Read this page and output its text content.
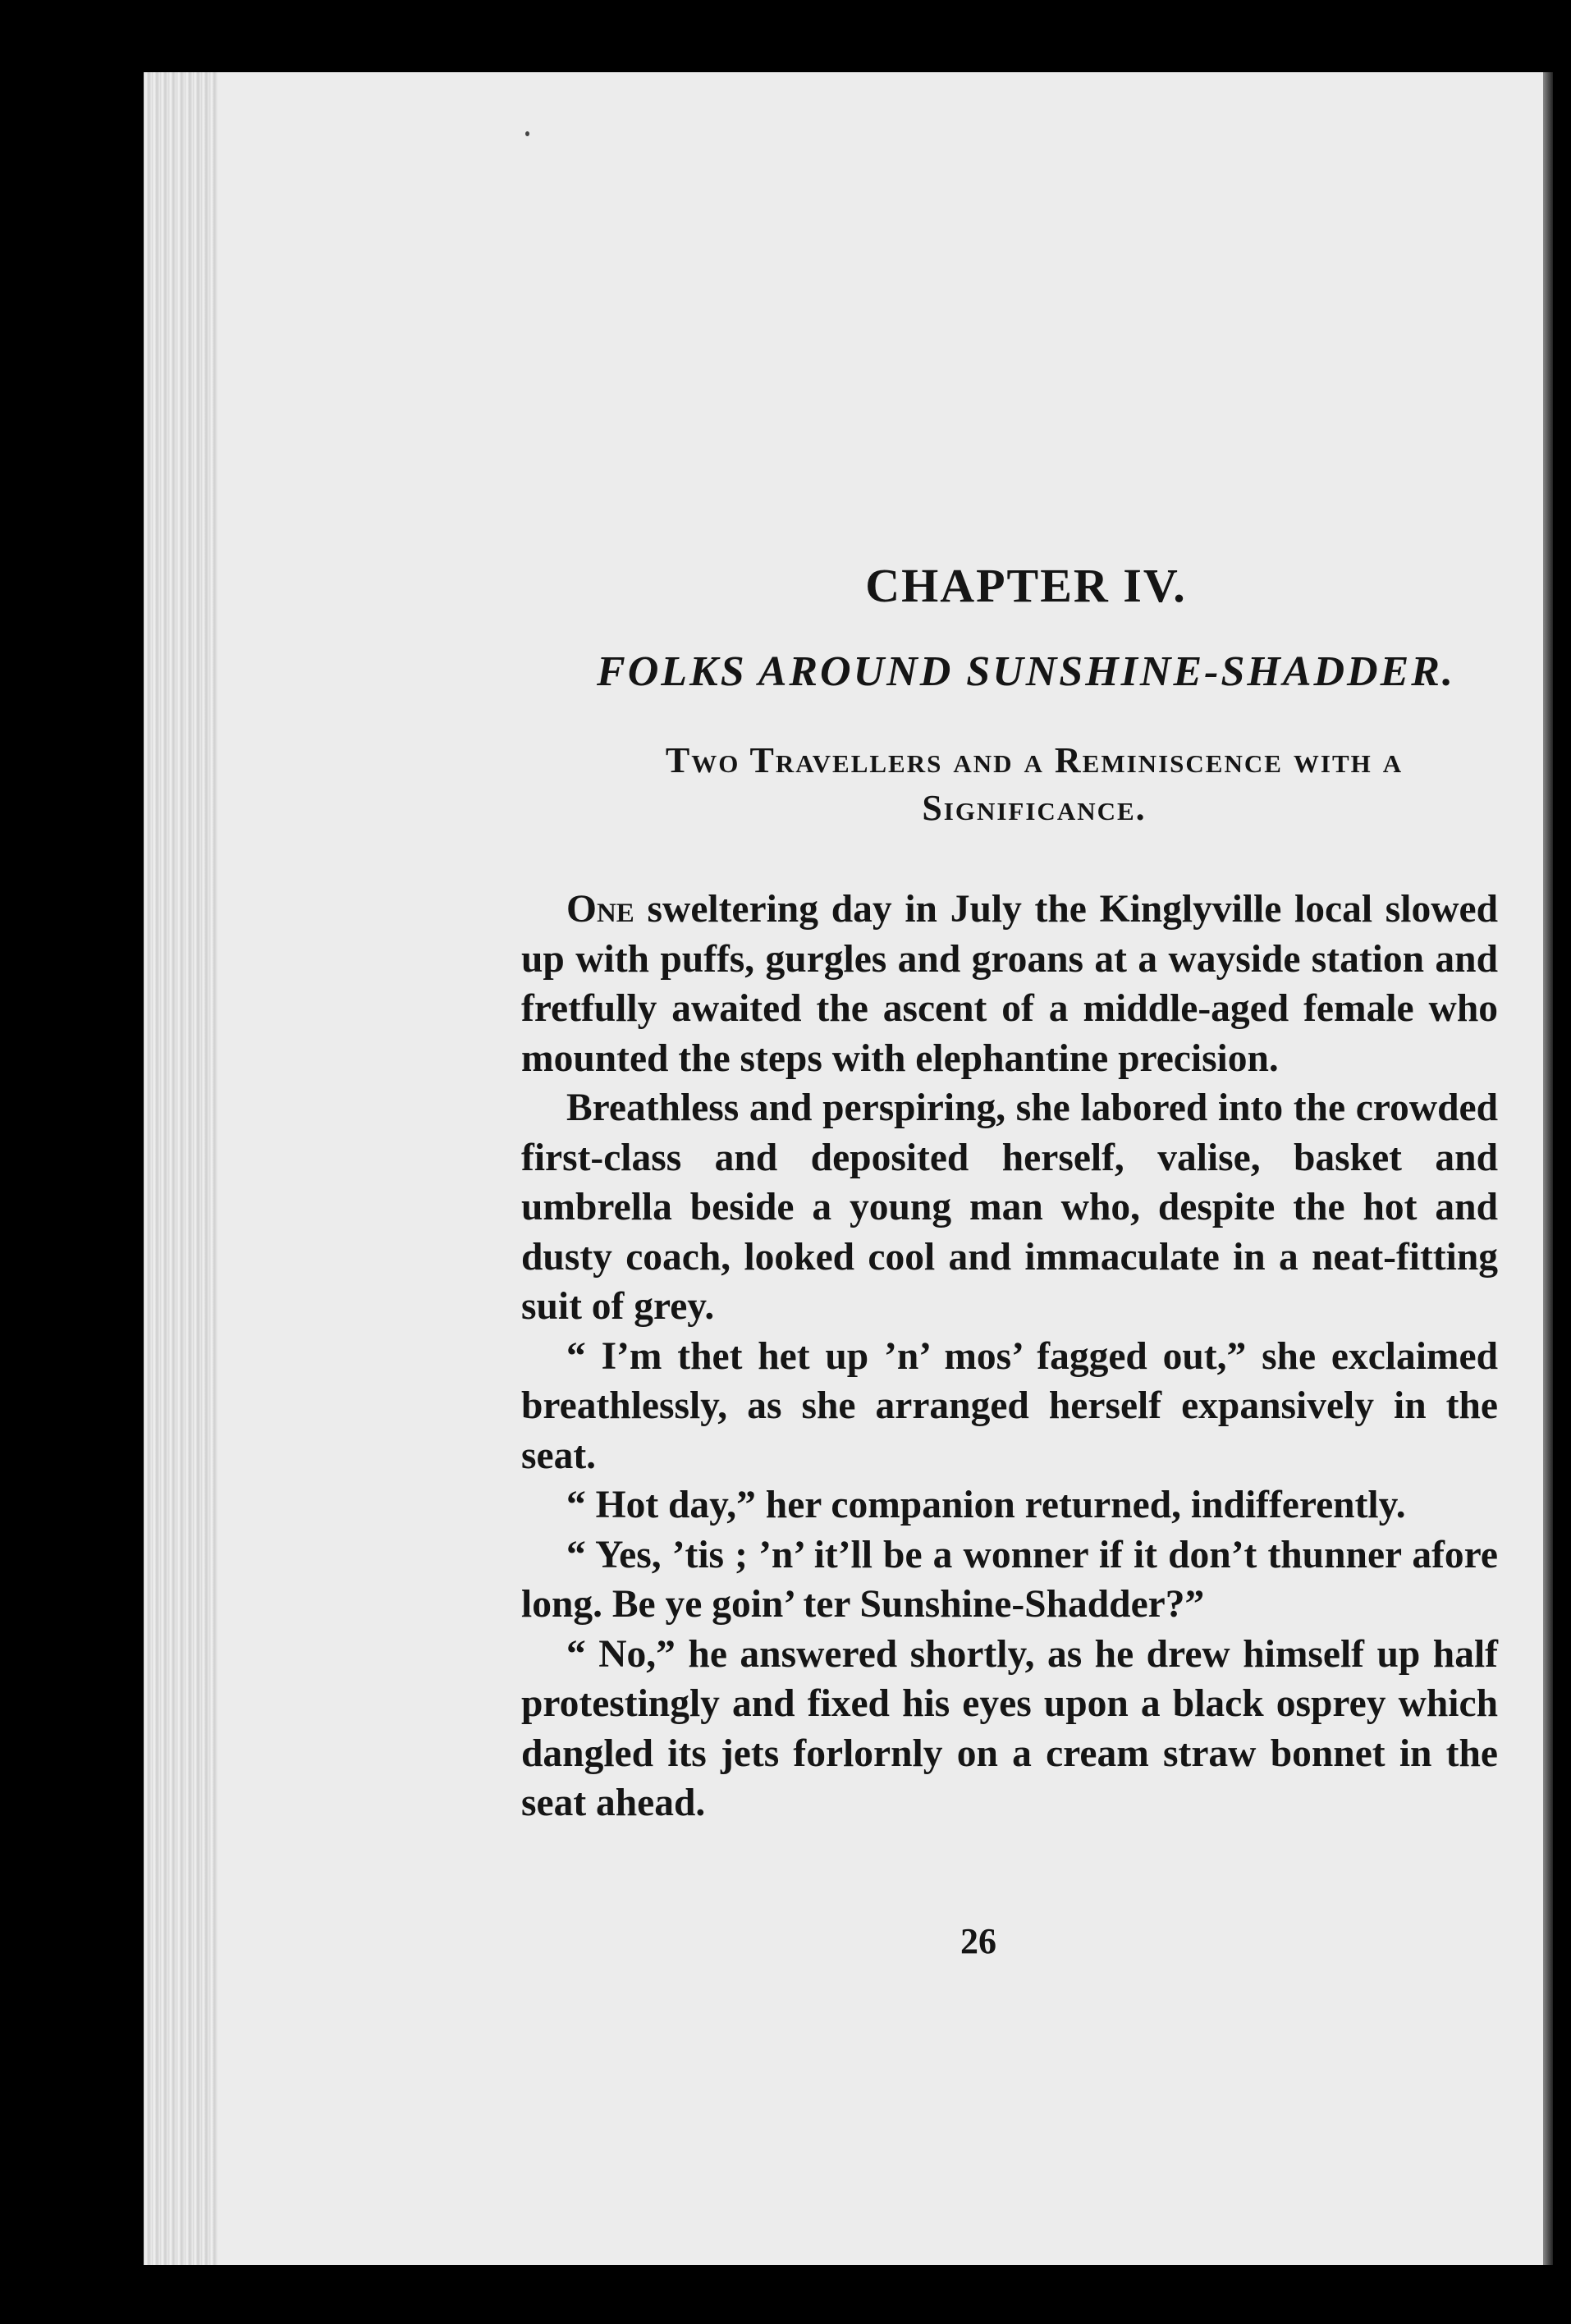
CHAPTER IV.
FOLKS AROUND SUNSHINE-SHADDER.
Two Travellers and a Reminiscence with a Significance.

One sweltering day in July the Kinglyville local slowed up with puffs, gurgles and groans at a wayside station and fretfully awaited the ascent of a middle-aged female who mounted the steps with elephantine precision.

Breathless and perspiring, she labored into the crowded first-class and deposited herself, valise, basket and umbrella beside a young man who, despite the hot and dusty coach, looked cool and immaculate in a neat-fitting suit of grey.

“ I’m thet het up ’n’ mos’ fagged out,” she exclaimed breathlessly, as she arranged herself expansively in the seat.

“ Hot day,” her companion returned, indifferently.

“ Yes, ’tis ; ’n’ it’ll be a wonner if it don’t thunner afore long. Be ye goin’ ter Sunshine-Shadder?”

“ No,” he answered shortly, as he drew himself up half protestingly and fixed his eyes upon a black osprey which dangled its jets forlornly on a cream straw bonnet in the seat ahead.

26
